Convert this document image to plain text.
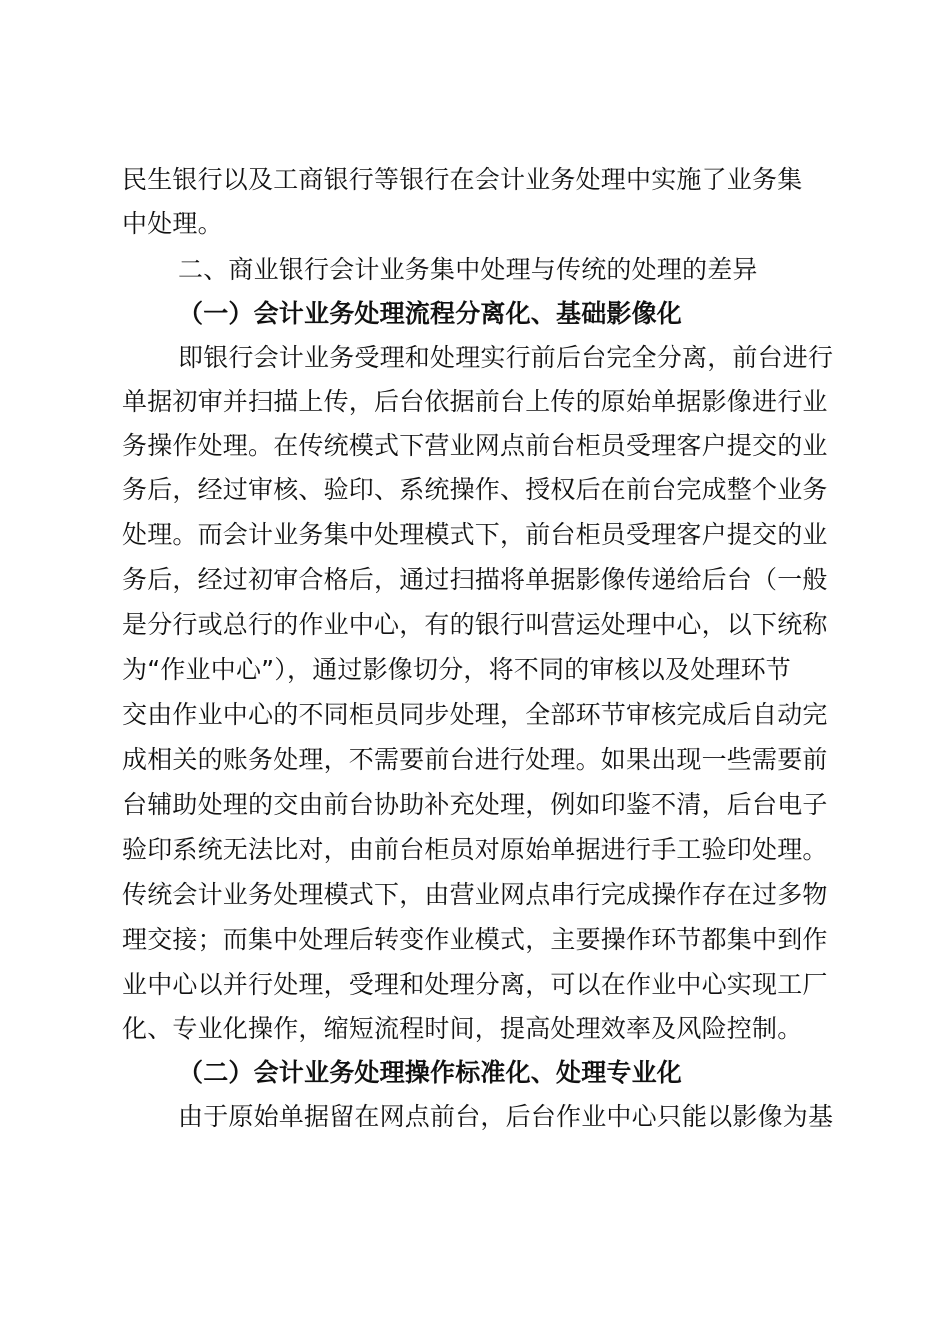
民生银行以及工商银行等银行在会计业务处理中实施了业务集
中处理。
二、商业银行会计业务集中处理与传统的处理的差异
（一）会计业务处理流程分离化、基础影像化
即银行会计业务受理和处理实行前后台完全分离，前台进行
单据初审并扫描上传，后台依据前台上传的原始单据影像进行业
务操作处理。在传统模式下营业网点前台柜员受理客户提交的业
务后，经过审核、验印、系统操作、授权后在前台完成整个业务
处理。而会计业务集中处理模式下，前台柜员受理客户提交的业
务后，经过初审合格后，通过扫描将单据影像传递给后台（一般
是分行或总行的作业中心，有的银行叫营运处理中心，以下统称
为“作业中心”），通过影像切分，将不同的审核以及处理环节
交由作业中心的不同柜员同步处理，全部环节审核完成后自动完
成相关的账务处理，不需要前台进行处理。如果出现一些需要前
台辅助处理的交由前台协助补充处理，例如印鉴不清，后台电子
验印系统无法比对，由前台柜员对原始单据进行手工验印处理。
传统会计业务处理模式下，由营业网点串行完成操作存在过多物
理交接；而集中处理后转变作业模式，主要操作环节都集中到作
业中心以并行处理，受理和处理分离，可以在作业中心实现工厂
化、专业化操作，缩短流程时间，提高处理效率及风险控制。
（二）会计业务处理操作标准化、处理专业化
由于原始单据留在网点前台，后台作业中心只能以影像为基
